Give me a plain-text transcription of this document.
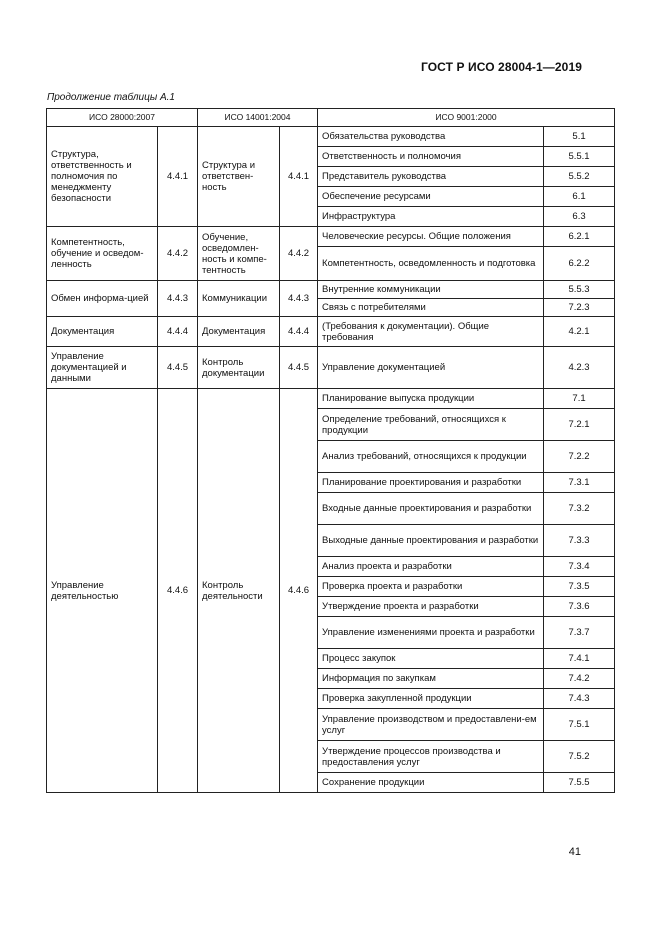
ГОСТ Р ИСО 28004-1—2019
Продолжение таблицы А.1
ИСО 28000:2007		ИСО 14001:2004		ИСО 9001:2000	
Структура, ответственность и полномочия по менеджменту безопасности	4.4.1	Структура и ответствен-ность	4.4.1	Обязательства руководства	5.1
				Ответственность и полномочия	5.5.1
				Представитель руководства	5.5.2
				Обеспечение ресурсами	6.1
				Инфраструктура	6.3
Компетентность, обучение и осведом-ленность	4.4.2	Обучение, осведомлен-ность и компе-тентность	4.4.2	Человеческие ресурсы. Общие положения	6.2.1
				Компетентность, осведомленность и подготовка	6.2.2
Обмен информа-цией	4.4.3	Коммуникации	4.4.3	Внутренние коммуникации	5.5.3
				Связь с потребителями	7.2.3
Документация	4.4.4	Документация	4.4.4	(Требования к документации). Общие требования	4.2.1
Управление документацией и данными	4.4.5	Контроль документации	4.4.5	Управление документацией	4.2.3
Управление деятельностью	4.4.6	Контроль деятельности	4.4.6	Планирование выпуска продукции	7.1
				Определение требований, относящихся к продукции	7.2.1
				Анализ требований, относящихся к продукции	7.2.2
				Планирование проектирования и разработки	7.3.1
				Входные данные проектирования и разработки	7.3.2
				Выходные данные проектирования и разработки	7.3.3
				Анализ проекта и разработки	7.3.4
				Проверка проекта и разработки	7.3.5
				Утверждение проекта и разработки	7.3.6
				Управление изменениями проекта и разработки	7.3.7
				Процесс закупок	7.4.1
				Информация по закупкам	7.4.2
				Проверка закупленной продукции	7.4.3
				Управление производством и предоставлени-ем услуг	7.5.1
				Утверждение процессов производства и предоставления услуг	7.5.2
				Сохранение продукции	7.5.5
41
